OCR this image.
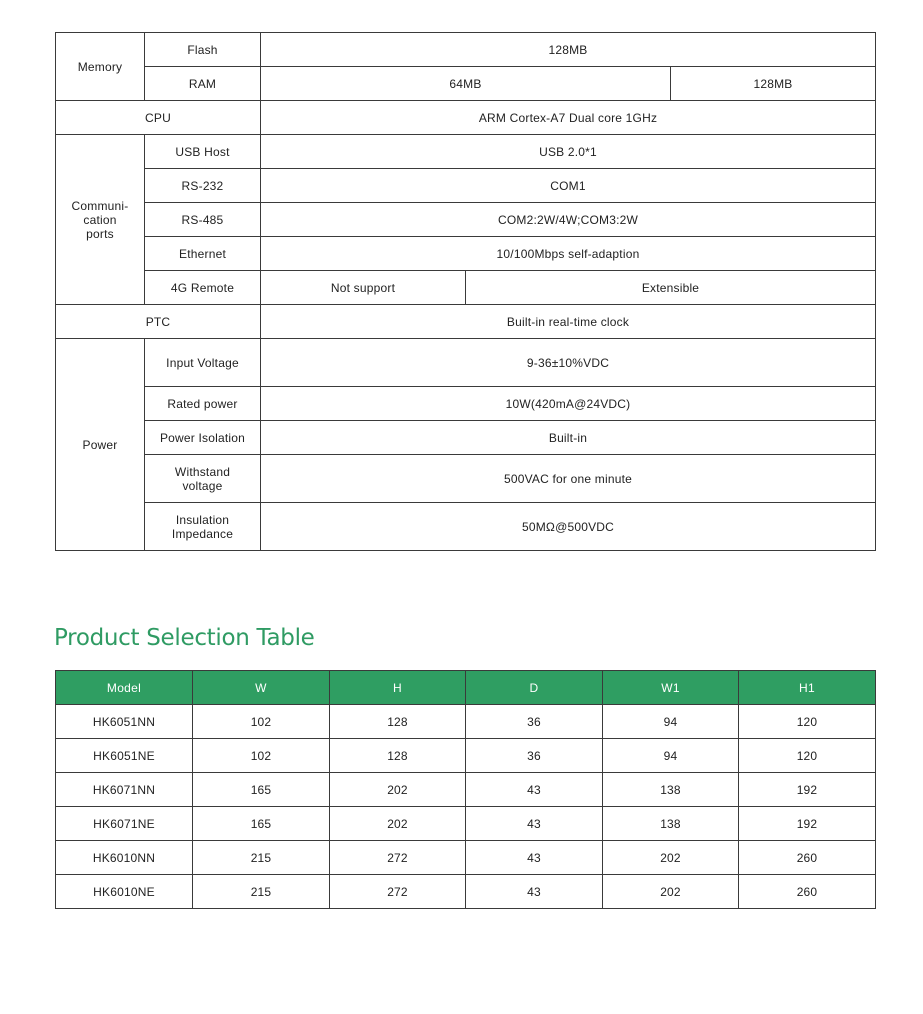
Memory	Flash	128MB		
	RAM	64MB		128MB
CPU		ARM Cortex-A7 Dual core 1GHz		
Communi-
cation
ports	USB Host	USB 2.0*1		
	RS-232	COM1		
	RS-485	COM2:2W/4W;COM3:2W		
	Ethernet	10/100Mbps self-adaption		
	4G Remote	Not support	Extensible	
PTC		Built-in real-time clock		
Power	Input Voltage	9-36±10%VDC		
	Rated power	10W(420mA@24VDC)		
	Power Isolation	Built-in		
	Withstand
voltage	500VAC for one minute		
	Insulation
Impedance	50MΩ@500VDC		
Product Selection Table
Model	W	H	D	W1	H1
HK6051NN	102	128	36	94	120
HK6051NE	102	128	36	94	120
HK6071NN	165	202	43	138	192
HK6071NE	165	202	43	138	192
HK6010NN	215	272	43	202	260
HK6010NE	215	272	43	202	260
